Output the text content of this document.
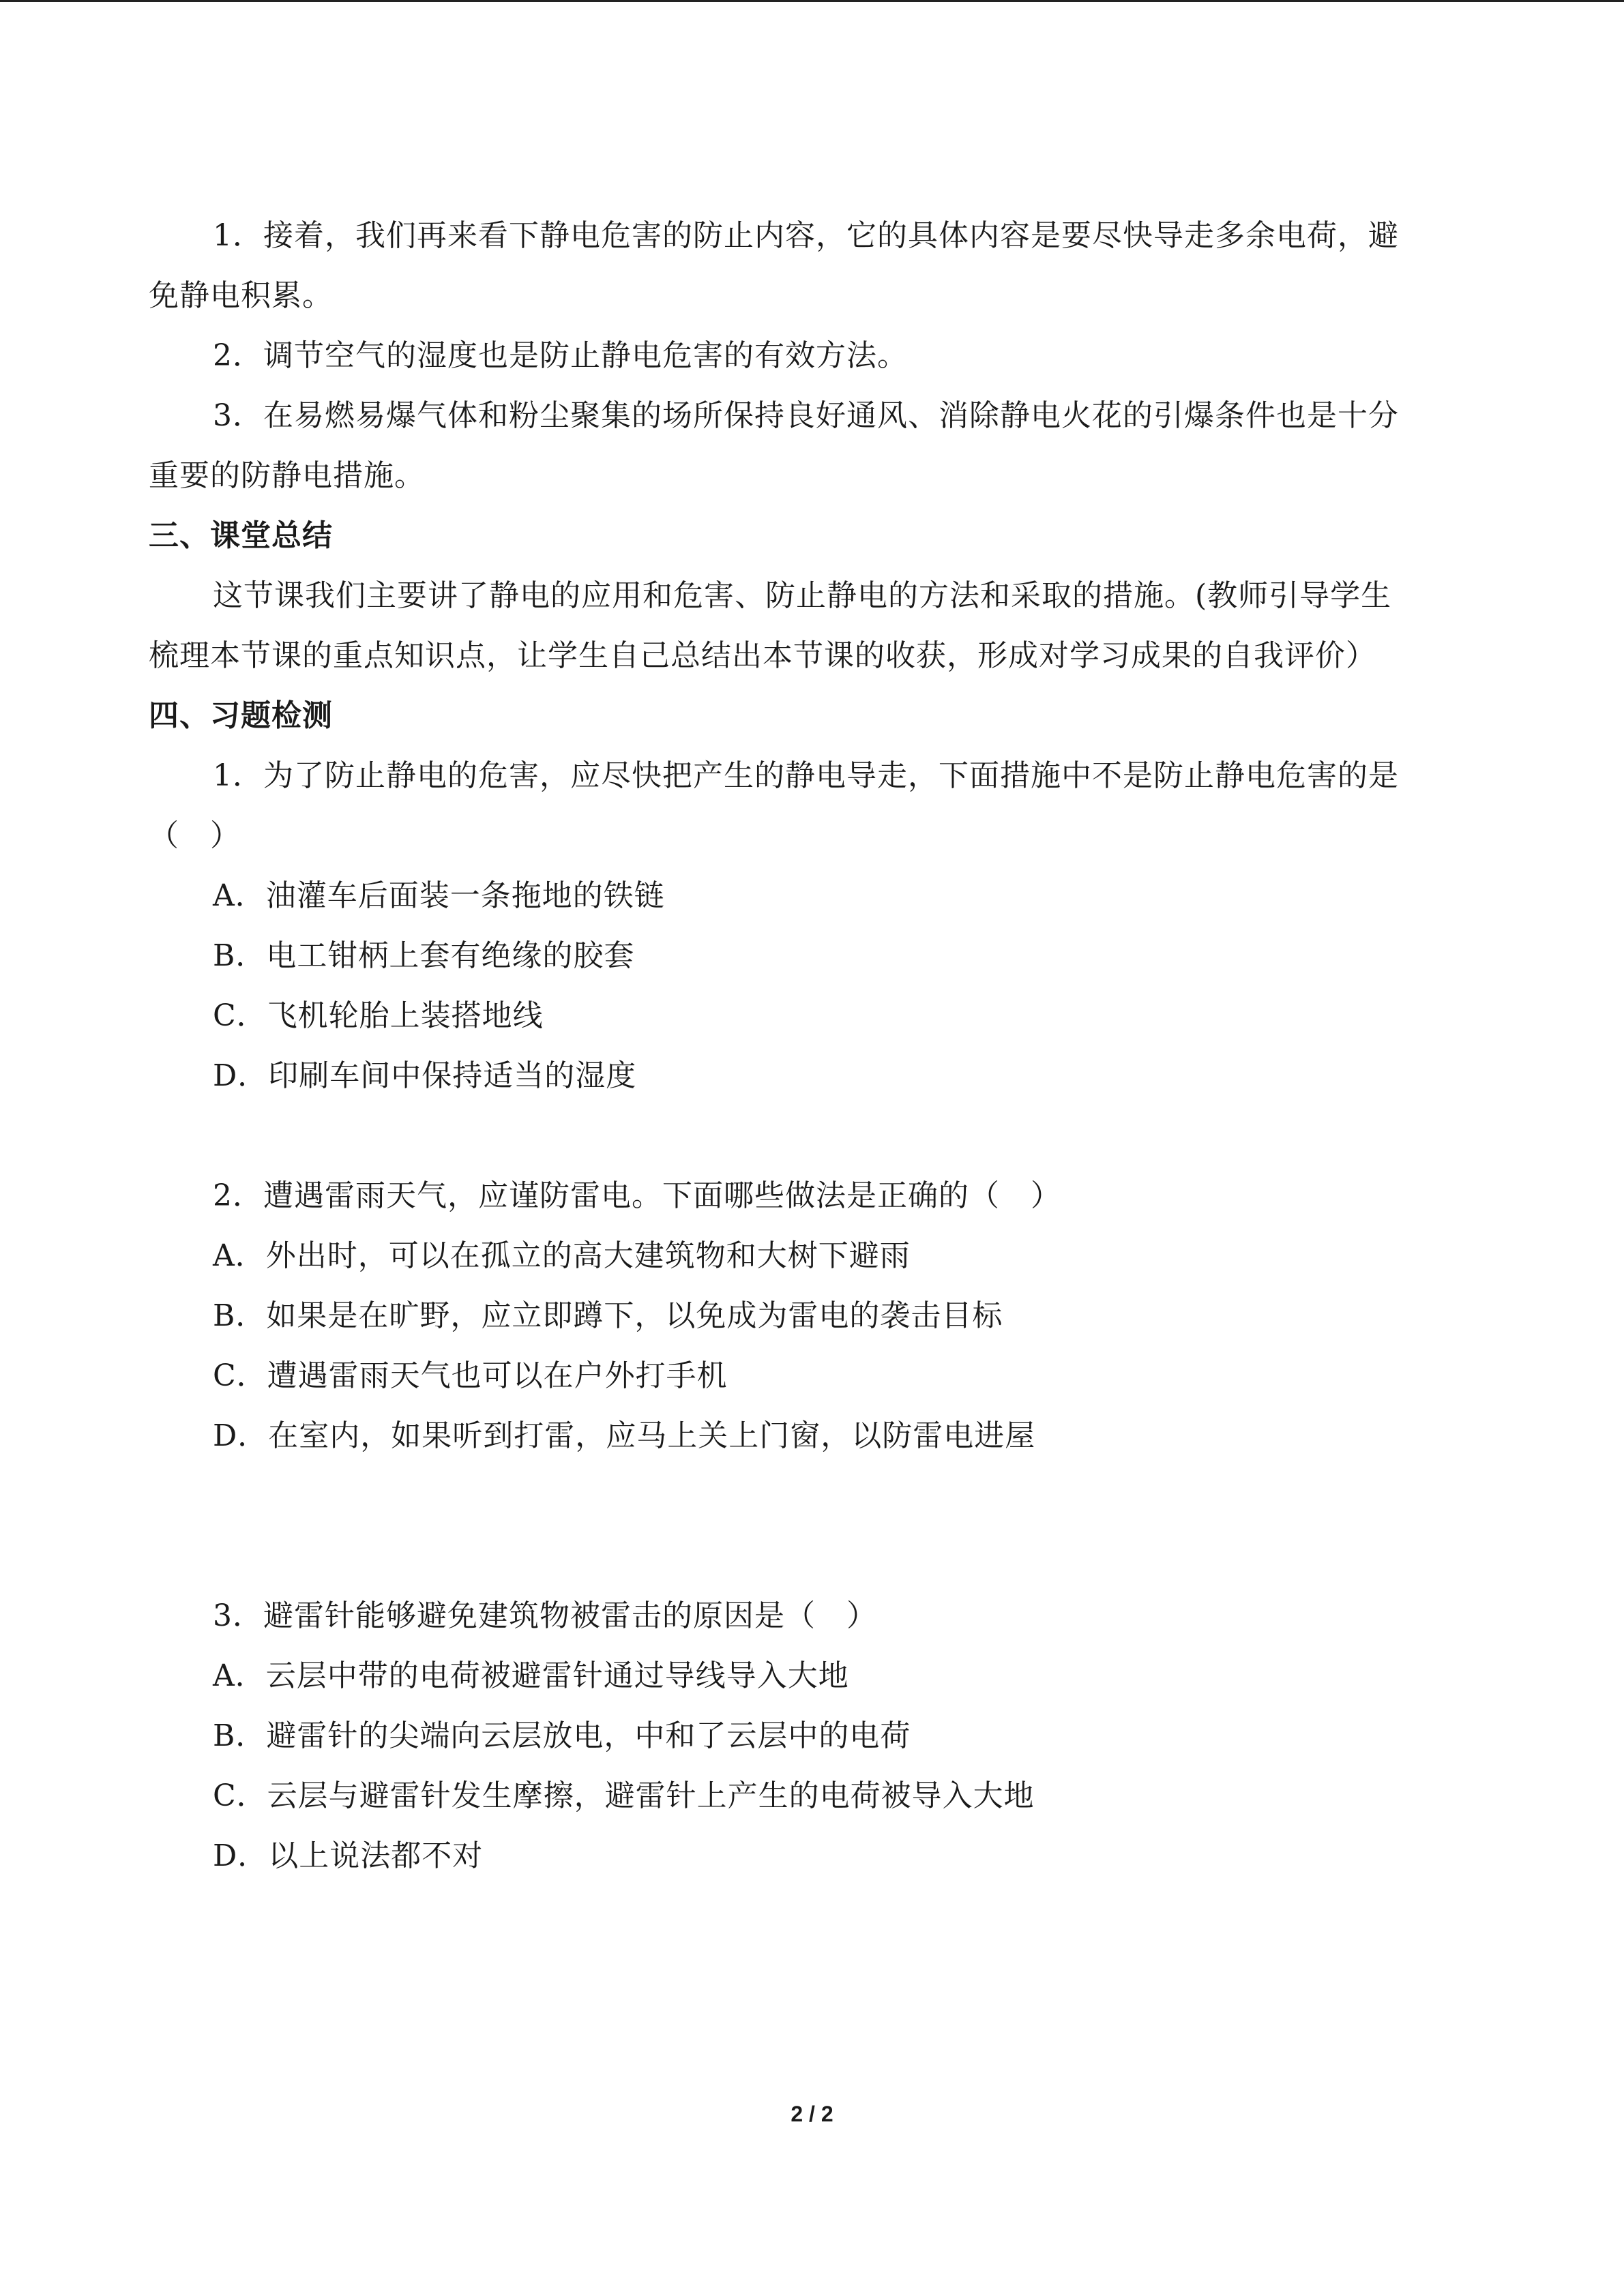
1．接着，我们再来看下静电危害的防止内容，它的具体内容是要尽快导走多余电荷，避
免静电积累。
2．调节空气的湿度也是防止静电危害的有效方法。
3．在易燃易爆气体和粉尘聚集的场所保持良好通风、消除静电火花的引爆条件也是十分
重要的防静电措施。
三、课堂总结
这节课我们主要讲了静电的应用和危害、防止静电的方法和采取的措施。(教师引导学生
梳理本节课的重点知识点，让学生自己总结出本节课的收获，形成对学习成果的自我评价）
四、习题检测
1．为了防止静电的危害，应尽快把产生的静电导走，下面措施中不是防止静电危害的是
（　）
A．油灌车后面装一条拖地的铁链
B．电工钳柄上套有绝缘的胶套
C．飞机轮胎上装搭地线
D．印刷车间中保持适当的湿度
2．遭遇雷雨天气，应谨防雷电。下面哪些做法是正确的（　）
A．外出时，可以在孤立的高大建筑物和大树下避雨
B．如果是在旷野，应立即蹲下，以免成为雷电的袭击目标
C．遭遇雷雨天气也可以在户外打手机
D．在室内，如果听到打雷，应马上关上门窗，以防雷电进屋
3．避雷针能够避免建筑物被雷击的原因是（　）
A．云层中带的电荷被避雷针通过导线导入大地
B．避雷针的尖端向云层放电，中和了云层中的电荷
C．云层与避雷针发生摩擦，避雷针上产生的电荷被导入大地
D．以上说法都不对
2 / 2
